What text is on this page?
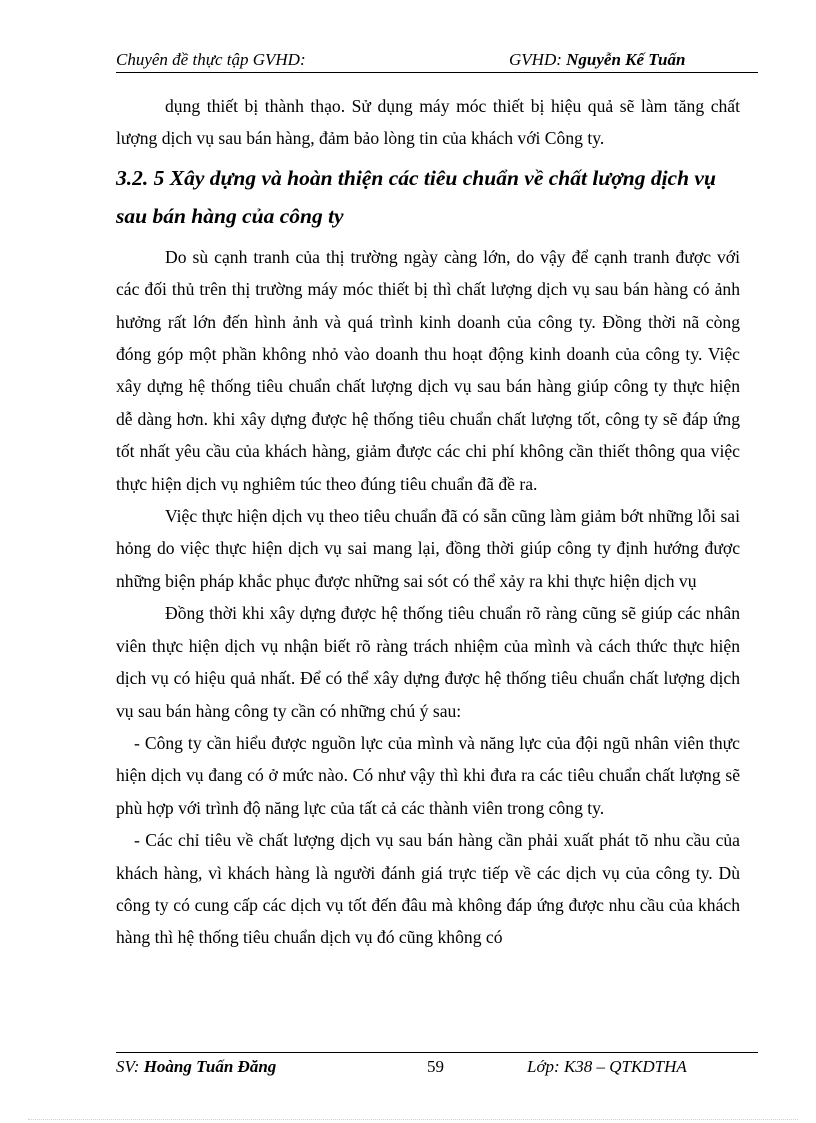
Chuyên đề thực tập GVHD:	GVHD: Nguyễn Kế Tuấn

dụng thiết bị thành thạo. Sử dụng máy móc thiết bị hiệu quả sẽ làm tăng chất lượng dịch vụ sau bán hàng, đảm bảo lòng tin của khách với Công ty.

3.2. 5 Xây dựng và hoàn thiện các tiêu chuẩn về chất lượng dịch vụ sau bán hàng của công ty

Do sù cạnh tranh của thị trường ngày càng lớn, do vậy để cạnh tranh được với các đối thủ trên thị trường máy móc thiết bị thì chất lượng dịch vụ sau bán hàng có ảnh hưởng rất lớn đến hình ảnh và quá trình kinh doanh của công ty. Đồng thời nã còng đóng góp một phần không nhỏ vào doanh thu hoạt động kinh doanh của công ty. Việc xây dựng hệ thống tiêu chuẩn chất lượng dịch vụ sau bán hàng giúp công ty thực hiện dễ dàng hơn. khi xây dựng được hệ thống tiêu chuẩn chất lượng tốt, công ty sẽ đáp ứng tốt nhất yêu cầu của khách hàng, giảm được các chi phí không cần thiết thông qua việc thực hiện dịch vụ nghiêm túc theo đúng tiêu chuẩn đã đề ra.

Việc thực hiện dịch vụ theo tiêu chuẩn đã có sẵn cũng làm giảm bớt những lỗi sai hỏng do việc thực hiện dịch vụ sai mang lại, đồng thời giúp công ty định hướng được những biện pháp khắc phục được những sai sót có thể xảy ra khi thực hiện dịch vụ

Đồng thời khi xây dựng được hệ thống tiêu chuẩn rõ ràng cũng sẽ giúp các nhân viên thực hiện dịch vụ nhận biết rõ ràng trách nhiệm của mình và cách thức thực hiện dịch vụ có hiệu quả nhất. Để có thể xây dựng được hệ thống tiêu chuẩn chất lượng dịch vụ sau bán hàng công ty cần có những chú ý sau:

- Công ty cần hiểu được nguồn lực của mình và năng lực của đội ngũ nhân viên thực hiện dịch vụ đang có ở mức nào. Có như vậy thì khi đưa ra các tiêu chuẩn chất lượng sẽ phù hợp với trình độ năng lực của tất cả các thành viên trong công ty.

- Các chỉ tiêu về chất lượng dịch vụ sau bán hàng cần phải xuất phát tõ nhu cầu của khách hàng, vì khách hàng là người đánh giá trực tiếp về các dịch vụ của công ty. Dù công ty có cung cấp các dịch vụ tốt đến đâu mà không đáp ứng được nhu cầu của khách hàng thì hệ thống tiêu chuẩn dịch vụ đó cũng không có

SV: Hoàng Tuấn Đăng	59	Lớp: K38 – QTKDTHA
